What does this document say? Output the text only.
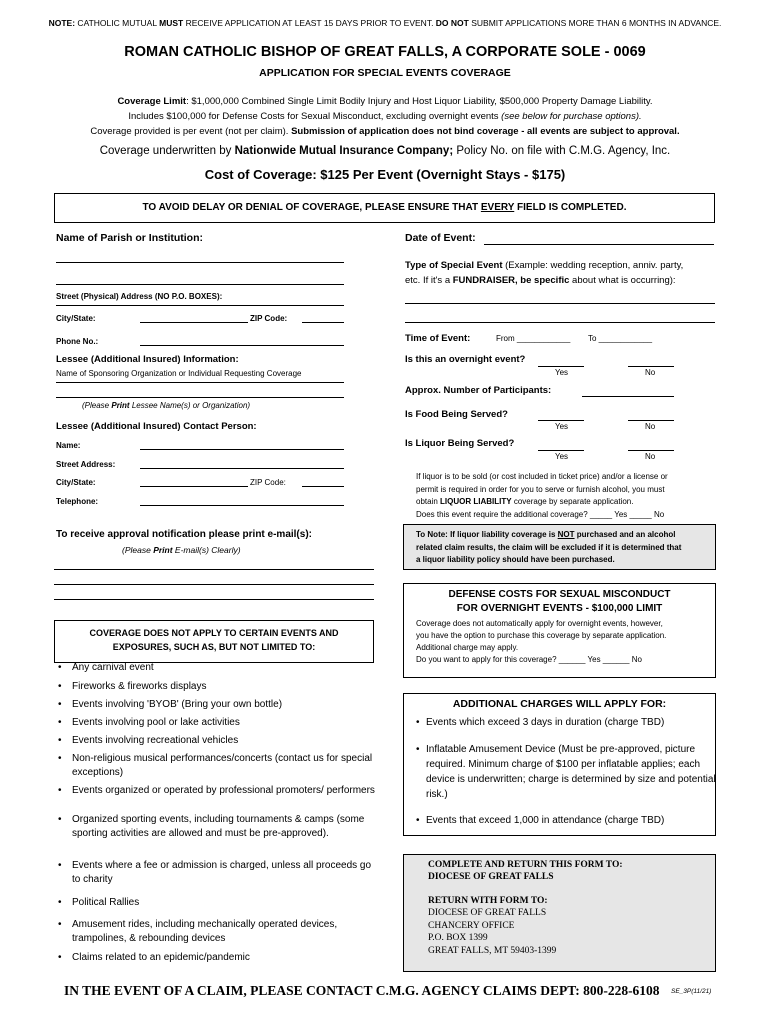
NOTE: CATHOLIC MUTUAL MUST RECEIVE APPLICATION AT LEAST 15 DAYS PRIOR TO EVENT. DO NOT SUBMIT APPLICATIONS MORE THAN 6 MONTHS IN ADVANCE.
ROMAN CATHOLIC BISHOP OF GREAT FALLS, A CORPORATE SOLE - 0069
APPLICATION FOR SPECIAL EVENTS COVERAGE
Coverage Limit: $1,000,000 Combined Single Limit Bodily Injury and Host Liquor Liability, $500,000 Property Damage Liability.
Includes $100,000 for Defense Costs for Sexual Misconduct, excluding overnight events (see below for purchase options).
Coverage provided is per event (not per claim). Submission of application does not bind coverage - all events are subject to approval.
Coverage underwritten by Nationwide Mutual Insurance Company; Policy No. on file with C.M.G. Agency, Inc.
Cost of Coverage: $125 Per Event (Overnight Stays - $175)
TO AVOID DELAY OR DENIAL OF COVERAGE, PLEASE ENSURE THAT EVERY FIELD IS COMPLETED.
Name of Parish or Institution:
Street (Physical) Address (NO P.O. BOXES):
City/State:	ZIP Code:
Phone No.:
Lessee (Additional Insured) Information:
Name of Sponsoring Organization or Individual Requesting Coverage
(Please Print Lessee Name(s) or Organization)
Lessee (Additional Insured) Contact Person:
Name:
Street Address:
City/State:	ZIP Code:
Telephone:
To receive approval notification please print e-mail(s):
(Please Print E-mail(s) Clearly)
COVERAGE DOES NOT APPLY TO CERTAIN EVENTS AND
EXPOSURES, SUCH AS, BUT NOT LIMITED TO:
• Any carnival event
• Fireworks & fireworks displays
• Events involving 'BYOB' (Bring your own bottle)
• Events involving pool or lake activities
• Events involving recreational vehicles
• Non-religious musical performances/concerts (contact us for special exceptions)
• Events organized or operated by professional promoters/ performers
• Organized sporting events, including tournaments & camps (some sporting activities are allowed and must be pre-approved).
• Events where a fee or admission is charged, unless all proceeds go to charity
• Political Rallies
• Amusement rides, including mechanically operated devices, trampolines, & rebounding devices
• Claims related to an epidemic/pandemic
Date of Event:
Type of Special Event (Example: wedding reception, anniv. party,
etc. If it's a FUNDRAISER, be specific about what is occurring):
Time of Event:	From ____________ To ____________
Is this an overnight event?
Yes	No
Approx. Number of Participants:
Is Food Being Served?
Yes	No
Is Liquor Being Served?
Yes	No
If liquor is to be sold (or cost included in ticket price) and/or a license or
permit is required in order for you to serve or furnish alcohol, you must
obtain LIQUOR LIABILITY coverage by separate application.
Does this event require the additional coverage? _____ Yes _____ No
To Note: If liquor liability coverage is NOT purchased and an alcohol
related claim results, the claim will be excluded if it is determined that
a liquor liability policy should have been purchased.
DEFENSE COSTS FOR SEXUAL MISCONDUCT
FOR OVERNIGHT EVENTS - $100,000 LIMIT
Coverage does not automatically apply for overnight events, however,
you have the option to purchase this coverage by separate application.
Additional charge may apply.
Do you want to apply for this coverage? ______ Yes ______ No
ADDITIONAL CHARGES WILL APPLY FOR:
• Events which exceed 3 days in duration (charge TBD)
• Inflatable Amusement Device (Must be pre-approved, picture required. Minimum charge of $100 per inflatable applies; each device is underwritten; charge is determined by size and potential risk.)
• Events that exceed 1,000 in attendance (charge TBD)
COMPLETE AND RETURN THIS FORM TO:
DIOCESE OF GREAT FALLS
RETURN WITH FORM TO:
DIOCESE OF GREAT FALLS
CHANCERY OFFICE
P.O. BOX 1399
GREAT FALLS, MT 59403-1399
IN THE EVENT OF A CLAIM, PLEASE CONTACT C.M.G. AGENCY CLAIMS DEPT: 800-228-6108 SE_3P(11/21)
